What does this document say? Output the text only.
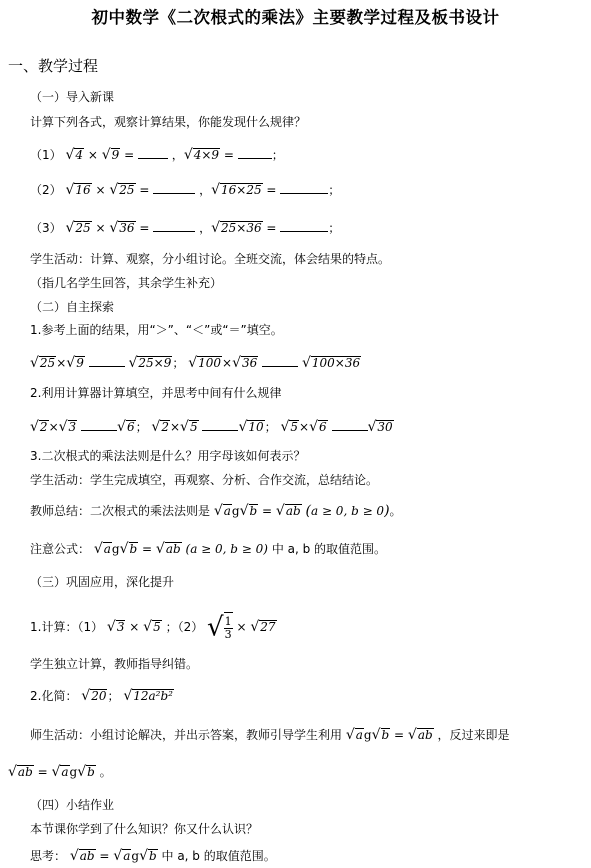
初中数学《二次根式的乘法》主要教学过程及板书设计
一、教学过程
（一）导入新课
计算下列各式，观察计算结果，你能发现什么规律？
（1） √4 × √9 =	，√4×9 =	；
（2） √16 × √25 =	，√16×25 =	；
（3） √25 × √36 =	，√25×36 =	；
学生活动：计算、观察，分小组讨论。全班交流，体会结果的特点。
（指几名学生回答，其余学生补充）
（二）自主探索
1.参考上面的结果，用“＞”、“＜”或“＝”填空。
√25×√9	√25×9； √100×√36	√100×36
2.利用计算器计算填空，并思考中间有什么规律
√2×√3	√6； √2×√5	√10； √5×√6	√30
3.二次根式的乘法法则是什么？用字母该如何表示？
学生活动：学生完成填空，再观察、分析、合作交流，总结结论。
教师总结：二次根式的乘法法则是 √ag√b = √ab (a ≥ 0, b ≥ 0)。
注意公式： √ag√b = √ab (a ≥ 0, b ≥ 0) 中 a, b 的取值范围。
（三）巩固应用，深化提升
1.计算：（1） √3 × √5 ；（2） √ $\frac{1}{3} \times √27$
学生独立计算，教师指导纠错。
2.化简： √20； √12a²b²
师生活动：小组讨论解决，并出示答案，教师引导学生利用 √ag√b = √ab ，反过来即是
√ab = √ag√b 。
（四）小结作业
本节课你学到了什么知识？你又什么认识？
思考： √ab = √ag√b 中 a, b 的取值范围。
